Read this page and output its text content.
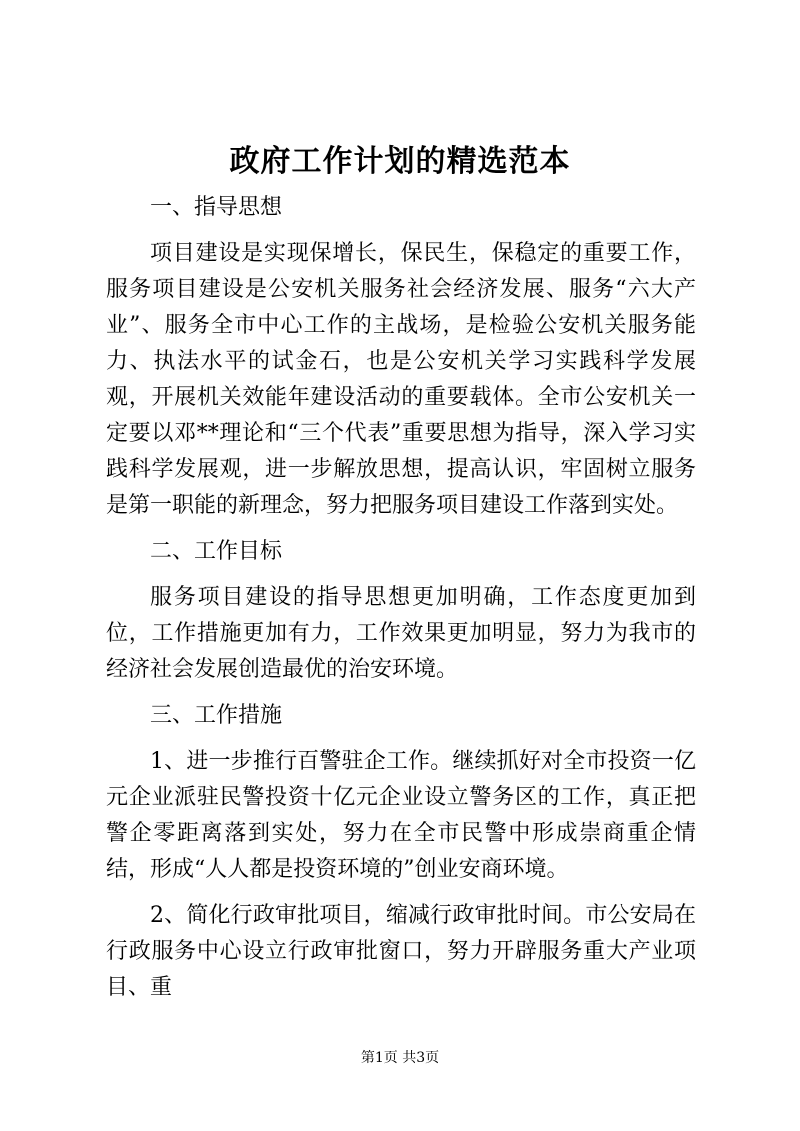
政府工作计划的精选范本

一、指导思想

项目建设是实现保增长，保民生，保稳定的重要工作，服务项目建设是公安机关服务社会经济发展、服务“六大产业”、服务全市中心工作的主战场，是检验公安机关服务能力、执法水平的试金石，也是公安机关学习实践科学发展观，开展机关效能年建设活动的重要载体。全市公安机关一定要以邓**理论和“三个代表”重要思想为指导，深入学习实践科学发展观，进一步解放思想，提高认识，牢固树立服务是第一职能的新理念，努力把服务项目建设工作落到实处。

二、工作目标

服务项目建设的指导思想更加明确，工作态度更加到位，工作措施更加有力，工作效果更加明显，努力为我市的经济社会发展创造最优的治安环境。

三、工作措施

1、进一步推行百警驻企工作。继续抓好对全市投资一亿元企业派驻民警投资十亿元企业设立警务区的工作，真正把警企零距离落到实处，努力在全市民警中形成崇商重企情结，形成“人人都是投资环境的”创业安商环境。

2、简化行政审批项目，缩减行政审批时间。市公安局在行政服务中心设立行政审批窗口，努力开辟服务重大产业项目、重

第1页 共3页
